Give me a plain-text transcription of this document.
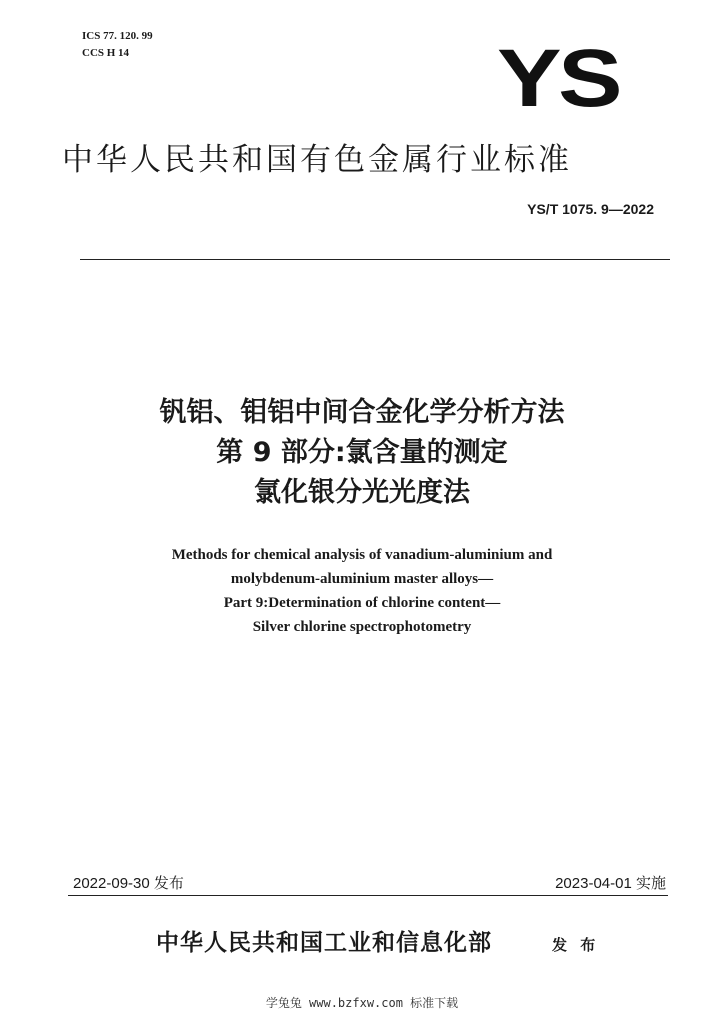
ICS 77. 120. 99
CCS H 14	YS
中华人民共和国有色金属行业标准
YS/T 1075. 9—2022
钒铝、钼铝中间合金化学分析方法
第 9 部分:氯含量的测定
氯化银分光光度法
Methods for chemical analysis of vanadium-aluminium and
molybdenum-aluminium master alloys—
Part 9:Determination of chlorine content—
Silver chlorine spectrophotometry
2022-09-30 发布	2023-04-01 实施
中华人民共和国工业和信息化部	发 布
学兔兔 www.bzfxw.com 标准下载
